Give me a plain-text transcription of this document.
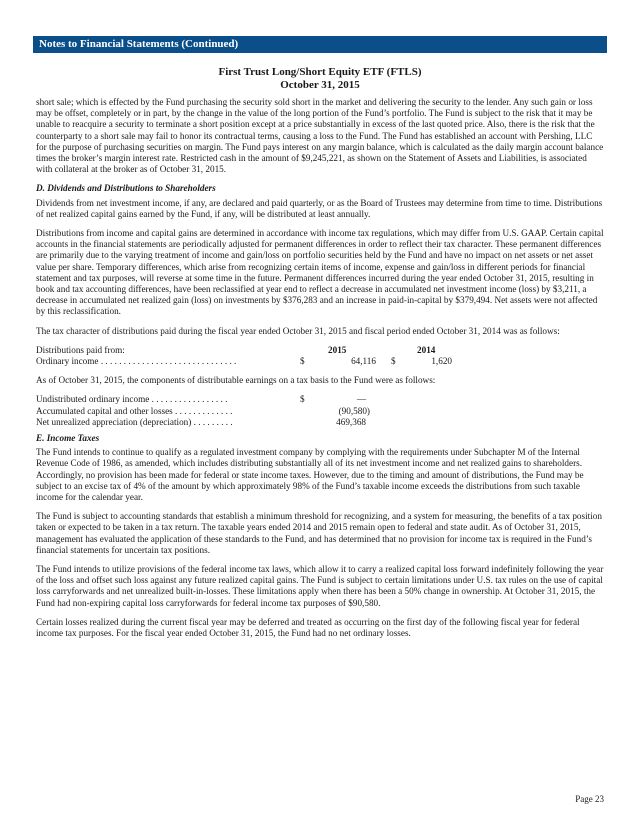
Notes to Financial Statements (Continued)
First Trust Long/Short Equity ETF (FTLS)
October 31, 2015

short sale; which is effected by the Fund purchasing the security sold short in the market and delivering the security to the lender. Any such gain or loss may be offset, completely or in part, by the change in the value of the long portion of the Fund’s portfolio. The Fund is subject to the risk that it may be unable to reacquire a security to terminate a short position except at a price substantially in excess of the last quoted price. Also, there is the risk that the counterparty to a short sale may fail to honor its contractual terms, causing a loss to the Fund. The Fund has established an account with Pershing, LLC for the purpose of purchasing securities on margin. The Fund pays interest on any margin balance, which is calculated as the daily margin account balance times the broker’s margin interest rate. Restricted cash in the amount of $9,245,221, as shown on the Statement of Assets and Liabilities, is associated with collateral at the broker as of October 31, 2015.

D. Dividends and Distributions to Shareholders

Dividends from net investment income, if any, are declared and paid quarterly, or as the Board of Trustees may determine from time to time. Distributions of net realized capital gains earned by the Fund, if any, will be distributed at least annually.

Distributions from income and capital gains are determined in accordance with income tax regulations, which may differ from U.S. GAAP. Certain capital accounts in the financial statements are periodically adjusted for permanent differences in order to reflect their tax character. These permanent differences are primarily due to the varying treatment of income and gain/loss on portfolio securities held by the Fund and have no impact on net assets or net asset value per share. Temporary differences, which arise from recognizing certain items of income, expense and gain/loss in different periods for financial statement and tax purposes, will reverse at some time in the future. Permanent differences incurred during the year ended October 31, 2015, resulting in book and tax accounting differences, have been reclassified at year end to reflect a decrease in accumulated net investment income (loss) by $3,211, a decrease in accumulated net realized gain (loss) on investments by $376,283 and an increase in paid-in-capital by $379,494. Net assets were not affected by this reclassification.

The tax character of distributions paid during the fiscal year ended October 31, 2015 and fiscal period ended October 31, 2014 was as follows:

Distributions paid from:	2015	2014
Ordinary income . . . . . . . . . . . . . . . . . . . . . . . . . . . . . .	$	64,116 $	1,620

As of October 31, 2015, the components of distributable earnings on a tax basis to the Fund were as follows:

Undistributed ordinary income . . . . . . . . . . . . . . . . .	$	—
Accumulated capital and other losses . . . . . . . . . . . . .	(90,580)
Net unrealized appreciation (depreciation) . . . . . . . . .	469,368

E. Income Taxes

The Fund intends to continue to qualify as a regulated investment company by complying with the requirements under Subchapter M of the Internal Revenue Code of 1986, as amended, which includes distributing substantially all of its net investment income and net realized gains to shareholders. Accordingly, no provision has been made for federal or state income taxes. However, due to the timing and amount of distributions, the Fund may be subject to an excise tax of 4% of the amount by which approximately 98% of the Fund’s taxable income exceeds the distributions from such taxable income for the calendar year.

The Fund is subject to accounting standards that establish a minimum threshold for recognizing, and a system for measuring, the benefits of a tax position taken or expected to be taken in a tax return. The taxable years ended 2014 and 2015 remain open to federal and state audit. As of October 31, 2015, management has evaluated the application of these standards to the Fund, and has determined that no provision for income tax is required in the Fund’s financial statements for uncertain tax positions.

The Fund intends to utilize provisions of the federal income tax laws, which allow it to carry a realized capital loss forward indefinitely following the year of the loss and offset such loss against any future realized capital gains. The Fund is subject to certain limitations under U.S. tax rules on the use of capital loss carryforwards and net unrealized built-in-losses. These limitations apply when there has been a 50% change in ownership. At October 31, 2015, the Fund had non-expiring capital loss carryforwards for federal income tax purposes of $90,580.

Certain losses realized during the current fiscal year may be deferred and treated as occurring on the first day of the following fiscal year for federal income tax purposes. For the fiscal year ended October 31, 2015, the Fund had no net ordinary losses.

Page 23
